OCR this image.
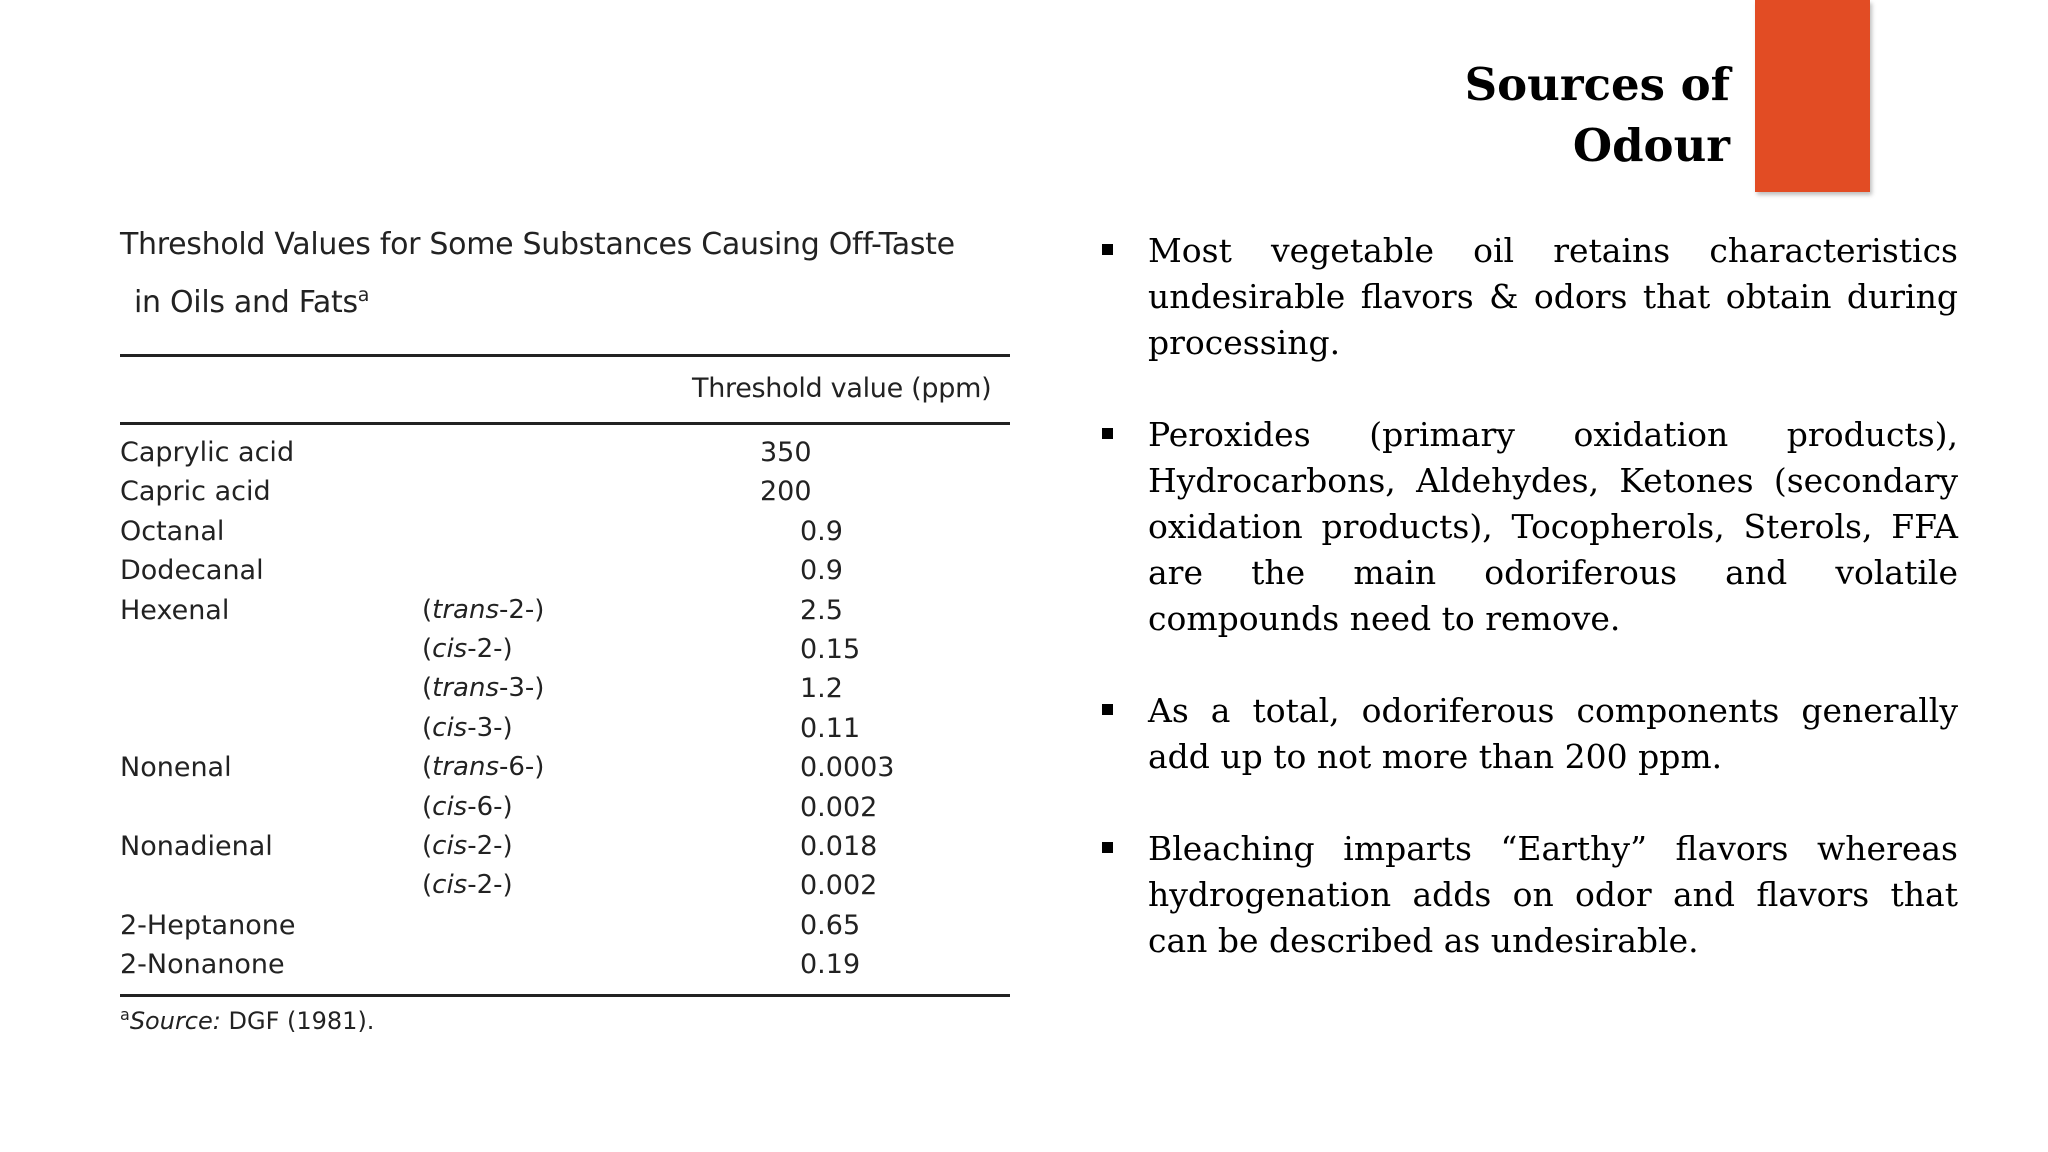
Sources of
Odour
Threshold Values for Some Substances Causing Off-Taste
in Oils and Fats$^a$
Threshold value (ppm)
Caprylic acid	350
Capric acid	200
Octanal	0.9
Dodecanal	0.9
Hexenal	(trans-2-)	2.5
(cis-2-)	0.15
(trans-3-)	1.2
(cis-3-)	0.11
Nonenal	(trans-6-)	0.0003
(cis-6-)	0.002
Nonadienal	(cis-2-)	0.018
(cis-2-)	0.002
2-Heptanone	0.65
2-Nonanone	0.19
$^a$Source: DGF (1981).
Most vegetable oil retains characteristics undesirable flavors & odors that obtain during processing.
Peroxides (primary oxidation products), Hydrocarbons, Aldehydes, Ketones (secondary oxidation products), Tocopherols, Sterols, FFA are the main odoriferous and volatile compounds need to remove.
As a total, odoriferous components generally add up to not more than 200 ppm.
Bleaching imparts “Earthy” flavors whereas hydrogenation adds on odor and flavors that can be described as undesirable.
